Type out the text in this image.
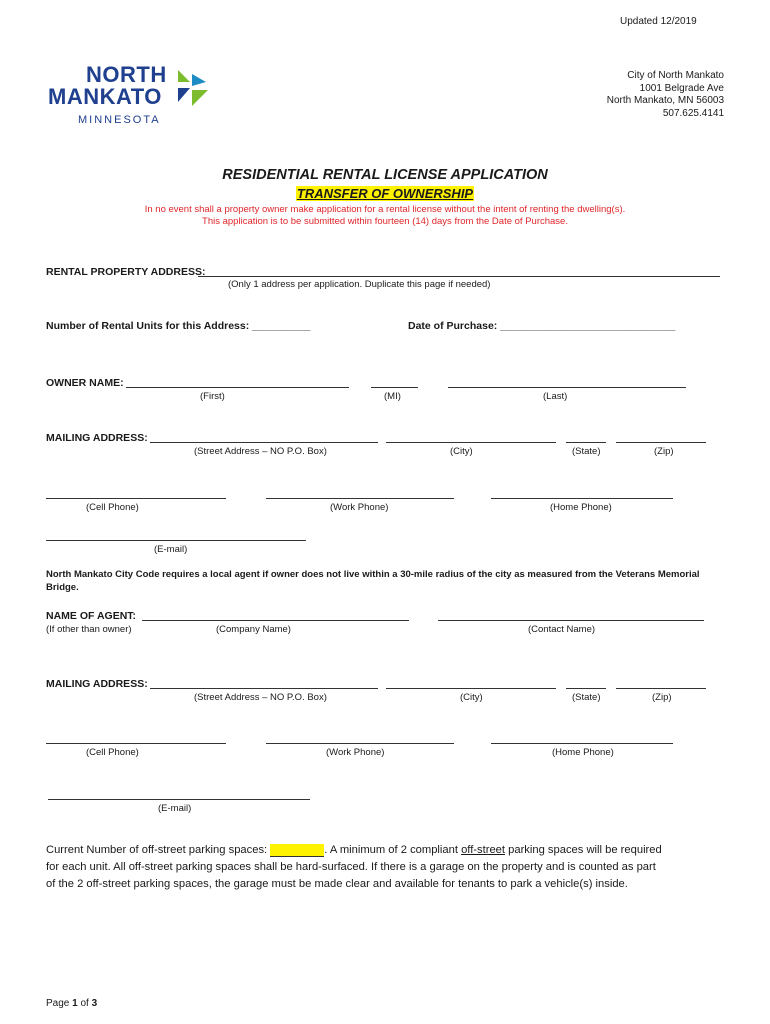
Updated 12/2019
NORTH
MANKATO
MINNESOTA
City of North Mankato
1001 Belgrade Ave
North Mankato, MN 56003
507.625.4141
RESIDENTIAL RENTAL LICENSE APPLICATION
TRANSFER OF OWNERSHIP
In no event shall a property owner make application for a rental license without the intent of renting the dwelling(s).
This application is to be submitted within fourteen (14) days from the Date of Purchase.
RENTAL PROPERTY ADDRESS:
(Only 1 address per application. Duplicate this page if needed)
Number of Rental Units for this Address: __________	Date of Purchase: ______________________________
OWNER NAME:
(First)	(MI)	(Last)
MAILING ADDRESS:
(Street Address – NO P.O. Box)	(City)	(State)	(Zip)
(Cell Phone)	(Work Phone)	(Home Phone)
(E-mail)
North Mankato City Code requires a local agent if owner does not live within a 30-mile radius of the city as measured from the Veterans Memorial Bridge.
NAME OF AGENT:
(If other than owner)	(Company Name)	(Contact Name)
MAILING ADDRESS:
(Street Address – NO P.O. Box)	(City)	(State)	(Zip)
(Cell Phone)	(Work Phone)	(Home Phone)
(E-mail)
Current Number of off-street parking spaces:	. A minimum of 2 compliant off-street parking spaces will be required
for each unit. All off-street parking spaces shall be hard-surfaced. If there is a garage on the property and is counted as part
of the 2 off-street parking spaces, the garage must be made clear and available for tenants to park a vehicle(s) inside.
Page 1 of 3
